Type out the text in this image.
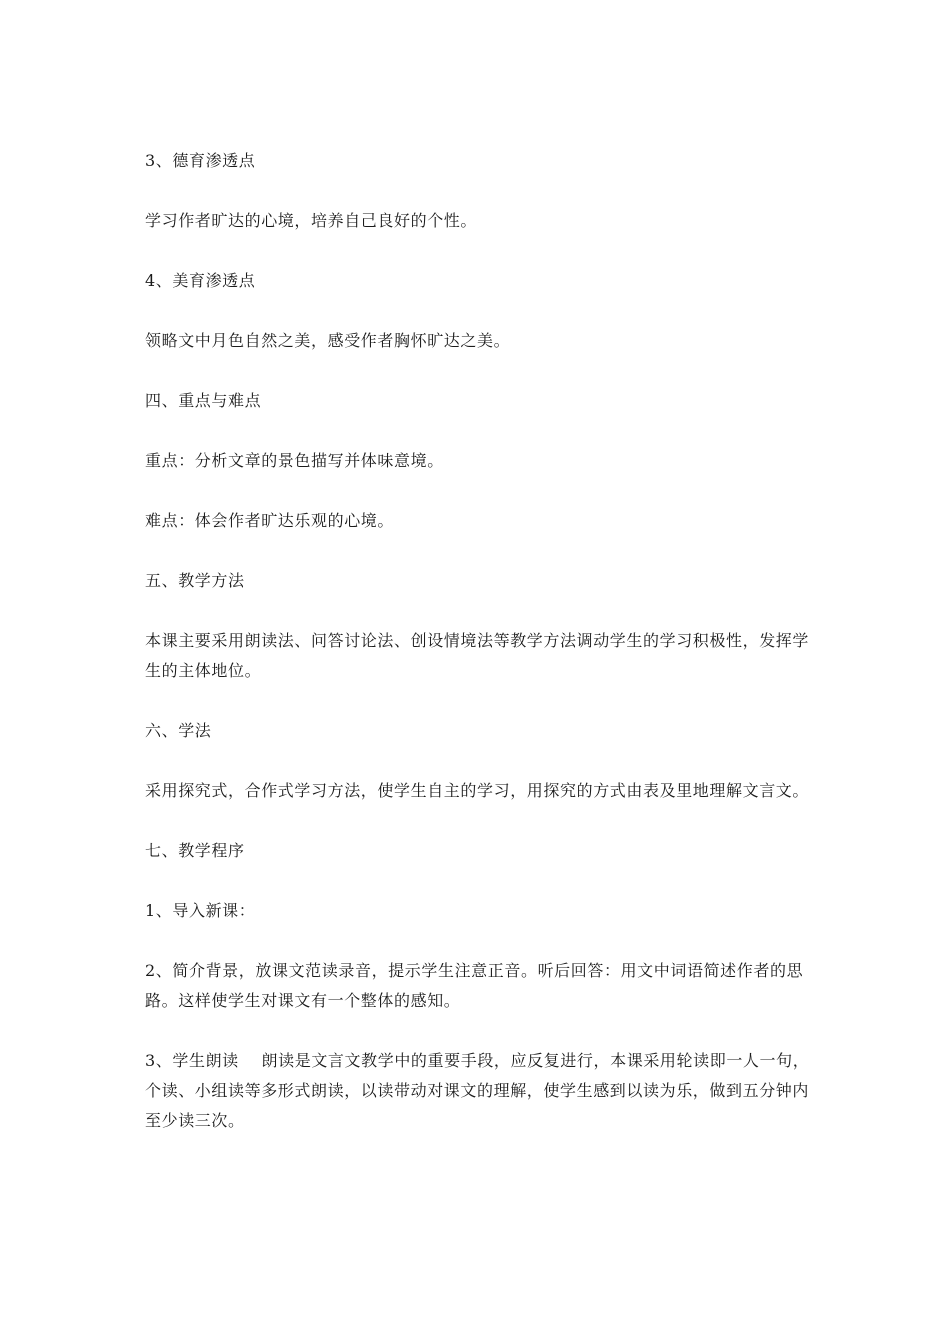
3、德育渗透点

学习作者旷达的心境，培养自己良好的个性。

4、美育渗透点

领略文中月色自然之美，感受作者胸怀旷达之美。

四、重点与难点

重点：分析文章的景色描写并体味意境。

难点：体会作者旷达乐观的心境。

五、教学方法

本课主要采用朗读法、问答讨论法、创设情境法等教学方法调动学生的学习积极性，发挥学生的主体地位。

六、学法

采用探究式，合作式学习方法，使学生自主的学习，用探究的方式由表及里地理解文言文。

七、教学程序

1、导入新课：

2、简介背景，放课文范读录音，提示学生注意正音。听后回答：用文中词语简述作者的思路。这样使学生对课文有一个整体的感知。

3、学生朗读    朗读是文言文教学中的重要手段，应反复进行，本课采用轮读即一人一句，个读、小组读等多形式朗读，以读带动对课文的理解，使学生感到以读为乐，做到五分钟内至少读三次。
